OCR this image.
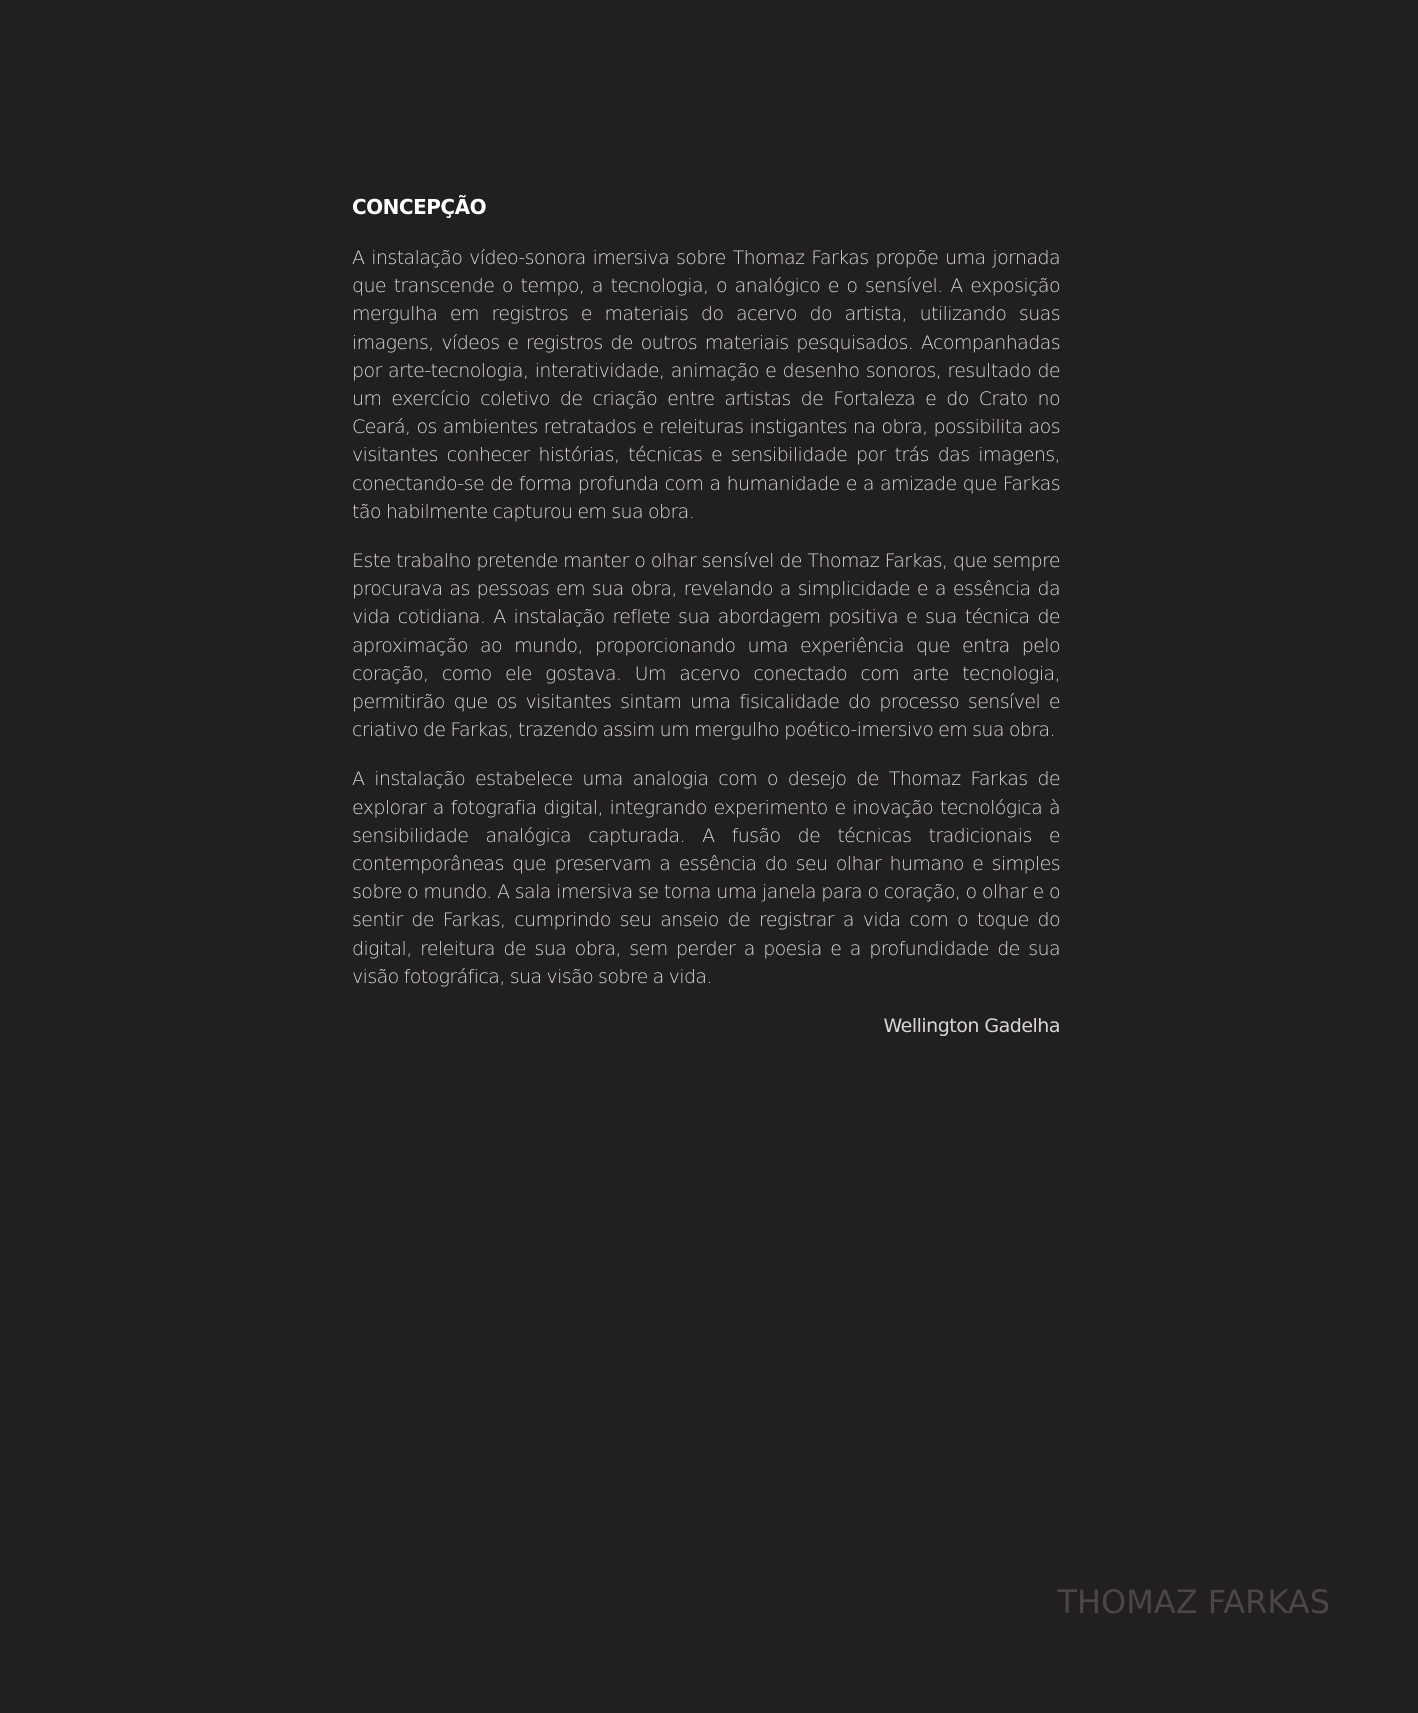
CONCEPÇÃO

A instalação vídeo-sonora imersiva sobre Thomaz Farkas propõe uma jornada que transcende o tempo, a tecnologia, o analógico e o sensível. A exposição mergulha em registros e materiais do acervo do artista, utilizando suas imagens, vídeos e registros de outros materiais pesquisados. Acompanhadas por arte-tecnologia, interatividade, animação e desenho sonoros, resultado de um exercício coletivo de criação entre artistas de Fortaleza e do Crato no Ceará, os ambientes retratados e releituras instigantes na obra, possibilita aos visitantes conhecer histórias, técnicas e sensibilidade por trás das imagens, conectando-se de forma profunda com a humanidade e a amizade que Farkas tão habilmente capturou em sua obra.

Este trabalho pretende manter o olhar sensível de Thomaz Farkas, que sempre procurava as pessoas em sua obra, revelando a simplicidade e a essência da vida cotidiana. A instalação reflete sua abordagem positiva e sua técnica de aproximação ao mundo, proporcionando uma experiência que entra pelo coração, como ele gostava. Um acervo conectado com arte tecnologia, permitirão que os visitantes sintam uma fisicalidade do processo sensível e criativo de Farkas, trazendo assim um mergulho poético-imersivo em sua obra.

A instalação estabelece uma analogia com o desejo de Thomaz Farkas de explorar a fotografia digital, integrando experimento e inovação tecnológica à sensibilidade analógica capturada. A fusão de técnicas tradicionais e contemporâneas que preservam a essência do seu olhar humano e simples sobre o mundo. A sala imersiva se torna uma janela para o coração, o olhar e o sentir de Farkas, cumprindo seu anseio de registrar a vida com o toque do digital, releitura de sua obra, sem perder a poesia e a profundidade de sua visão fotográfica, sua visão sobre a vida.

Wellington Gadelha

THOMAZ FARKAS
